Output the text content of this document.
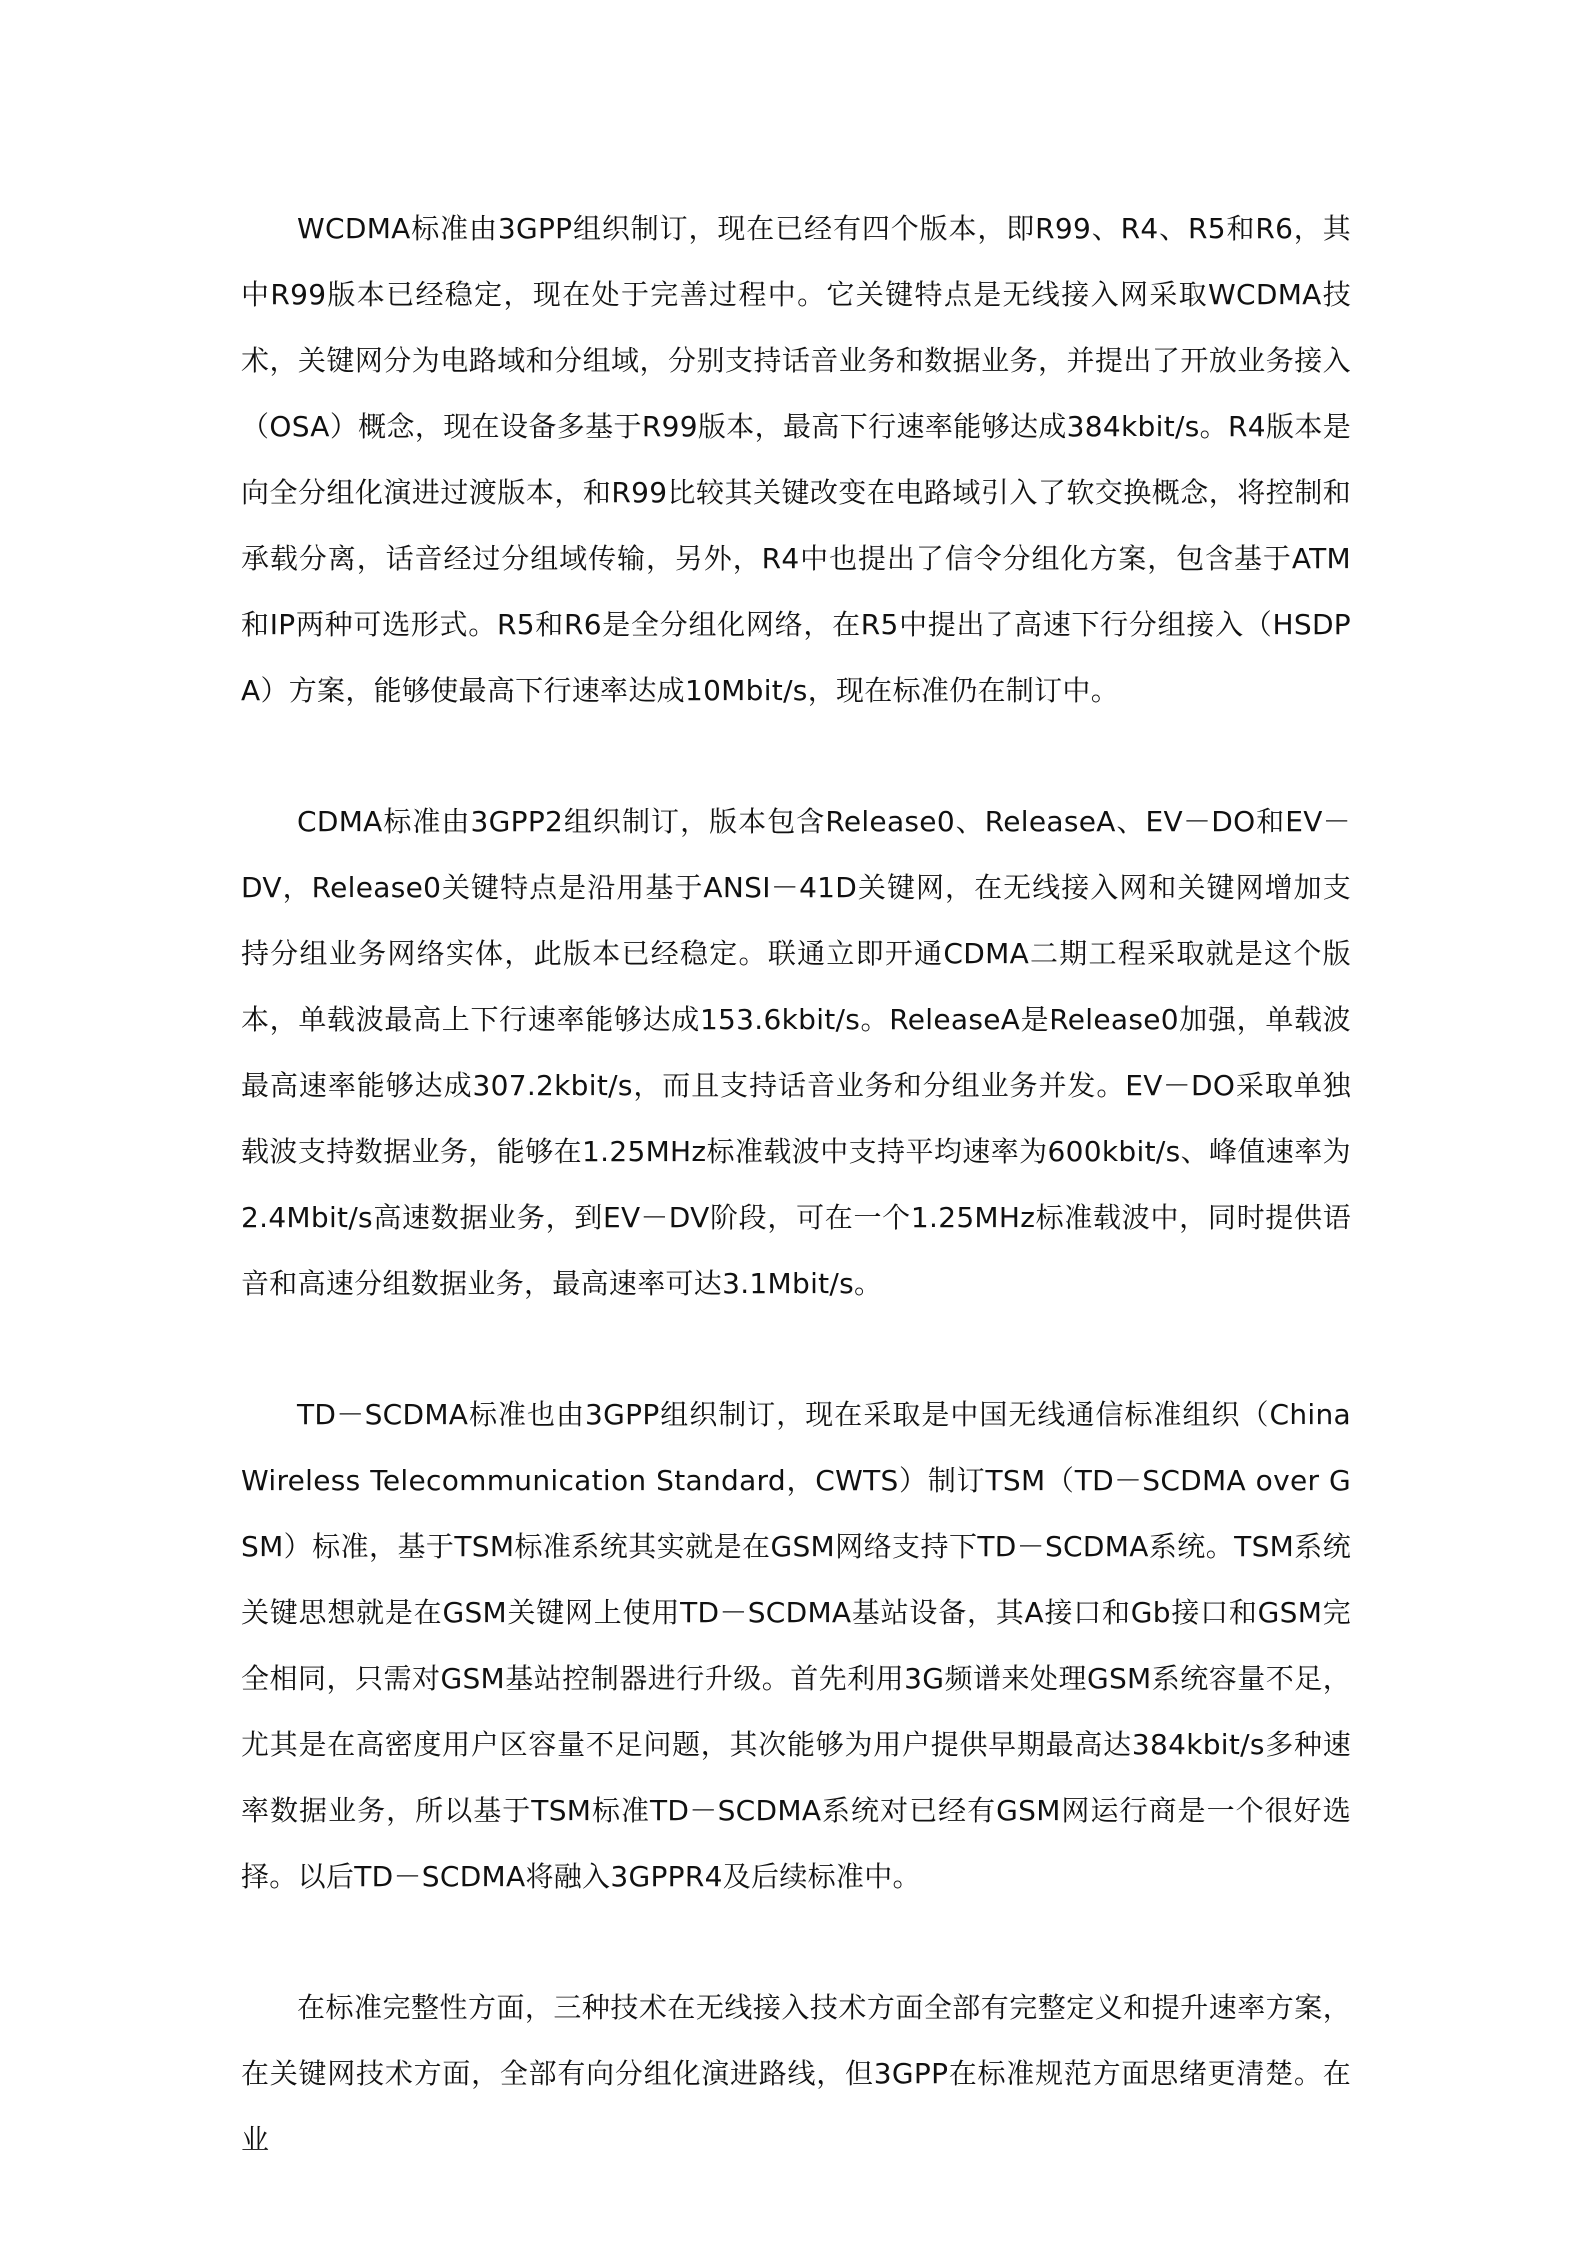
WCDMA标准由3GPP组织制订，现在已经有四个版本，即R99、R4、R5和R6，其中R99版本已经稳定，现在处于完善过程中。它关键特点是无线接入网采取WCDMA技术，关键网分为电路域和分组域，分别支持话音业务和数据业务，并提出了开放业务接入（OSA）概念，现在设备多基于R99版本，最高下行速率能够达成384kbit/s。R4版本是向全分组化演进过渡版本，和R99比较其关键改变在电路域引入了软交换概念，将控制和承载分离，话音经过分组域传输，另外，R4中也提出了信令分组化方案，包含基于ATM和IP两种可选形式。R5和R6是全分组化网络，在R5中提出了高速下行分组接入（HSDPA）方案，能够使最高下行速率达成10Mbit/s，现在标准仍在制订中。

CDMA标准由3GPP2组织制订，版本包含Release0、ReleaseA、EV－DO和EV－DV，Release0关键特点是沿用基于ANSI－41D关键网，在无线接入网和关键网增加支持分组业务网络实体，此版本已经稳定。联通立即开通CDMA二期工程采取就是这个版本，单载波最高上下行速率能够达成153.6kbit/s。ReleaseA是Release0加强，单载波最高速率能够达成307.2kbit/s，而且支持话音业务和分组业务并发。EV－DO采取单独载波支持数据业务，能够在1.25MHz标准载波中支持平均速率为600kbit/s、峰值速率为2.4Mbit/s高速数据业务，到EV－DV阶段，可在一个1.25MHz标准载波中，同时提供语音和高速分组数据业务，最高速率可达3.1Mbit/s。

TD－SCDMA标准也由3GPP组织制订，现在采取是中国无线通信标准组织（China Wireless Telecommunication Standard，CWTS）制订TSM（TD－SCDMA over GSM）标准，基于TSM标准系统其实就是在GSM网络支持下TD－SCDMA系统。TSM系统关键思想就是在GSM关键网上使用TD－SCDMA基站设备，其A接口和Gb接口和GSM完全相同，只需对GSM基站控制器进行升级。首先利用3G频谱来处理GSM系统容量不足，尤其是在高密度用户区容量不足问题，其次能够为用户提供早期最高达384kbit/s多种速率数据业务，所以基于TSM标准TD－SCDMA系统对已经有GSM网运行商是一个很好选择。以后TD－SCDMA将融入3GPPR4及后续标准中。

在标准完整性方面，三种技术在无线接入技术方面全部有完整定义和提升速率方案，在关键网技术方面，全部有向分组化演进路线，但3GPP在标准规范方面思绪更清楚。在业
